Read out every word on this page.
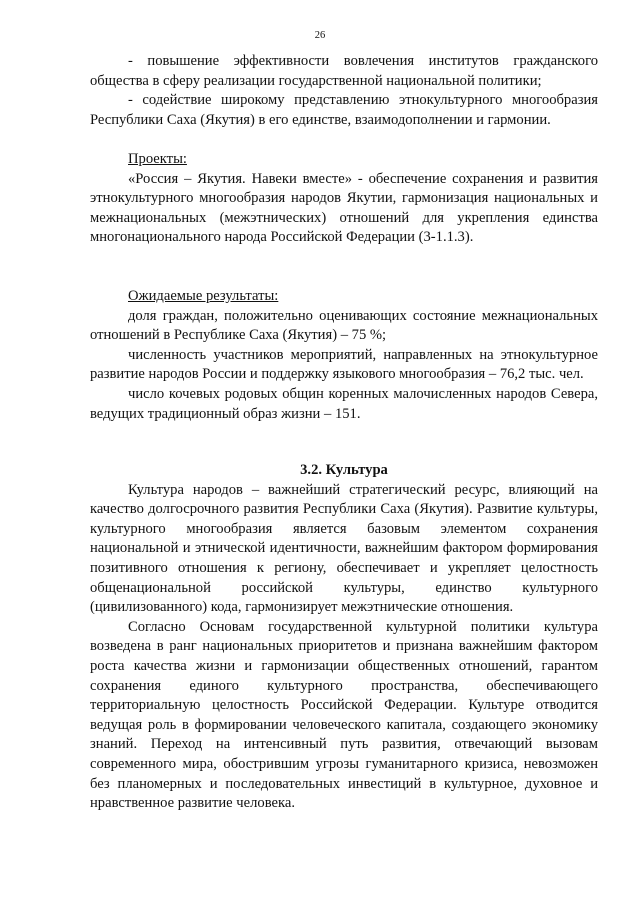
26

- повышение эффективности вовлечения институтов гражданского общества в сферу реализации государственной национальной политики;

- содействие широкому представлению этнокультурного многообразия Республики Саха (Якутия) в его единстве, взаимодополнении и гармонии.

Проекты:

«Россия – Якутия. Навеки вместе» - обеспечение сохранения и развития этнокультурного многообразия народов Якутии, гармонизация национальных и межнациональных (межэтнических) отношений для укрепления единства многонационального народа Российской Федерации (3-1.1.3).

Ожидаемые результаты:

доля граждан, положительно оценивающих состояние межнациональных отношений в Республике Саха (Якутия) – 75 %;

численность участников мероприятий, направленных на этнокультурное развитие народов России и поддержку языкового многообразия – 76,2 тыс. чел.

число кочевых родовых общин коренных малочисленных народов Севера, ведущих традиционный образ жизни – 151.

3.2. Культура

Культура народов – важнейший стратегический ресурс, влияющий на качество долгосрочного развития Республики Саха (Якутия). Развитие культуры, культурного многообразия является базовым элементом сохранения национальной и этнической идентичности, важнейшим фактором формирования позитивного отношения к региону, обеспечивает и укрепляет целостность общенациональной российской культуры, единство культурного (цивилизованного) кода, гармонизирует межэтнические отношения.

Согласно Основам государственной культурной политики культура возведена в ранг национальных приоритетов и признана важнейшим фактором роста качества жизни и гармонизации общественных отношений, гарантом сохранения единого культурного пространства, обеспечивающего территориальную целостность Российской Федерации. Культуре отводится ведущая роль в формировании человеческого капитала, создающего экономику знаний. Переход на интенсивный путь развития, отвечающий вызовам современного мира, обострившим угрозы гуманитарного кризиса, невозможен без планомерных и последовательных инвестиций в культурное, духовное и нравственное развитие человека.
